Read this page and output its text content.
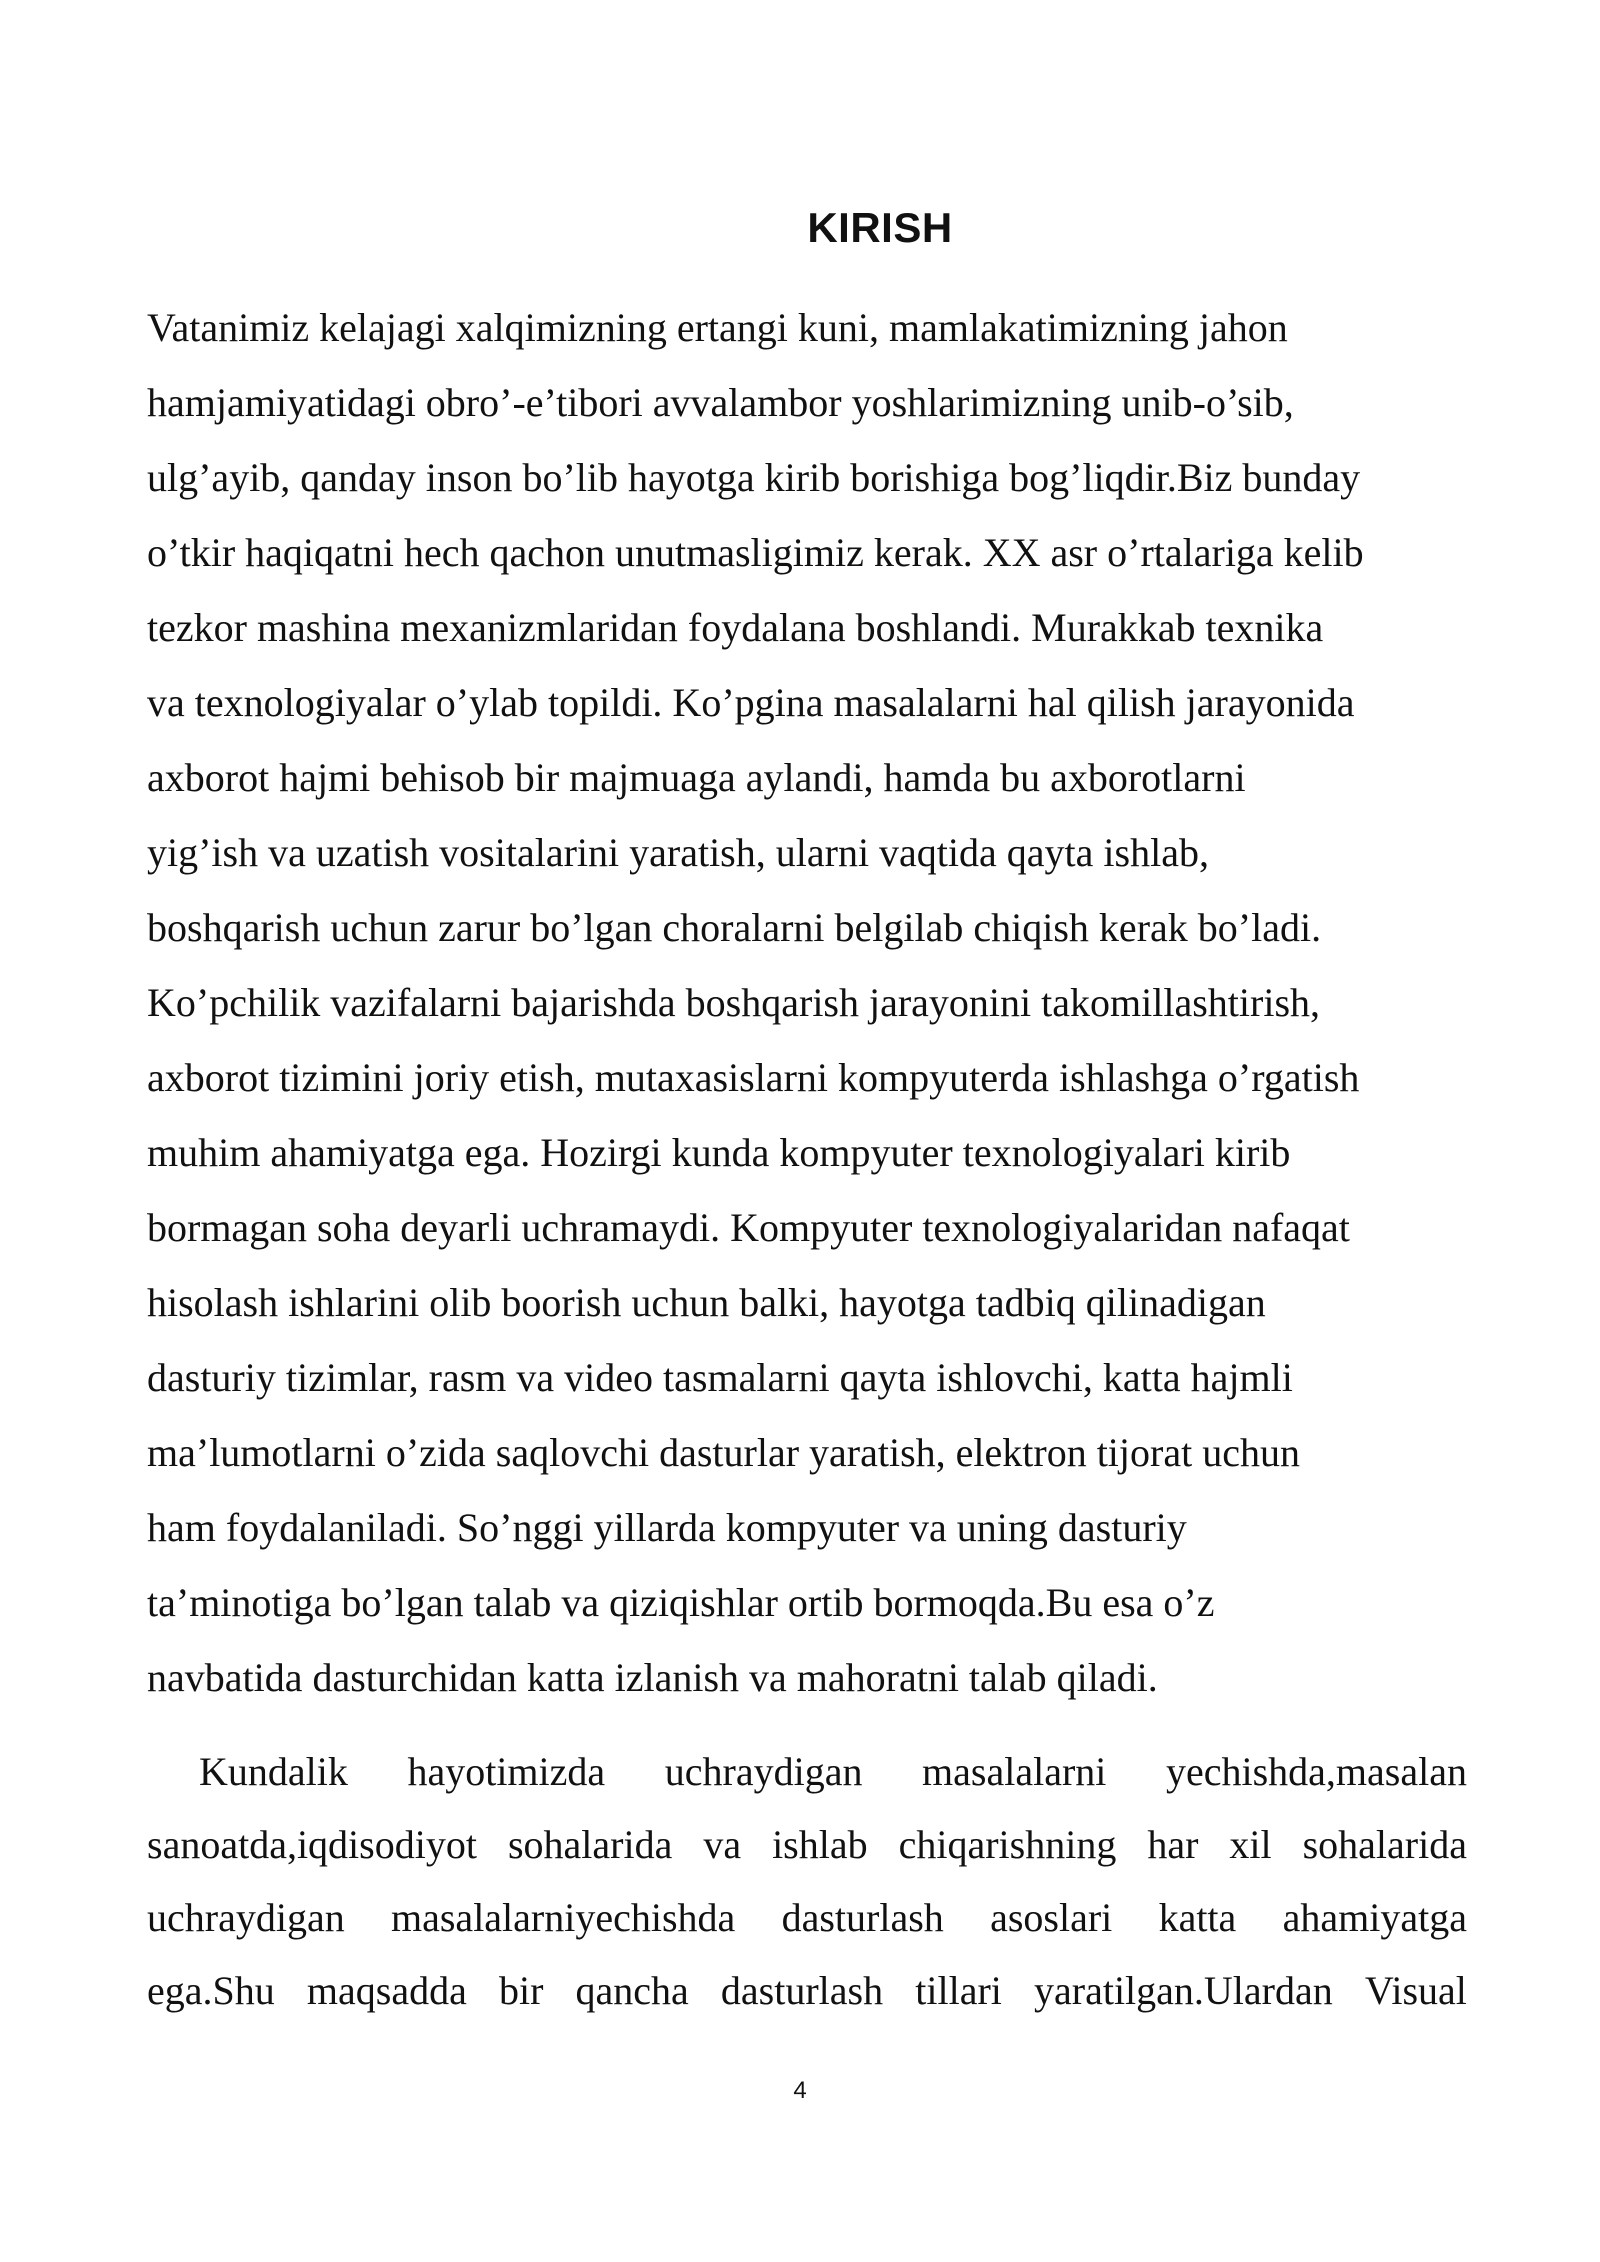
KIRISH
Vatanimiz kelajagi xalqimizning ertangi kuni, mamlakatimizning jahon
hamjamiyatidagi obro’-e’tibori avvalambor yoshlarimizning unib-o’sib,
ulg’ayib, qanday inson bo’lib hayotga kirib borishiga bog’liqdir.Biz bunday
o’tkir haqiqatni hech qachon unutmasligimiz kerak. XX asr o’rtalariga kelib
tezkor mashina mexanizmlaridan foydalana boshlandi. Murakkab texnika
va texnologiyalar o’ylab topildi. Ko’pgina masalalarni hal qilish jarayonida
axborot hajmi behisob bir majmuaga aylandi, hamda bu axborotlarni
yig’ish va uzatish vositalarini yaratish, ularni vaqtida qayta ishlab,
boshqarish uchun zarur bo’lgan choralarni belgilab chiqish kerak bo’ladi.
Ko’pchilik vazifalarni bajarishda boshqarish jarayonini takomillashtirish,
axborot tizimini joriy etish, mutaxasislarni kompyuterda ishlashga o’rgatish
muhim ahamiyatga ega. Hozirgi kunda kompyuter texnologiyalari kirib
bormagan soha deyarli uchramaydi. Kompyuter texnologiyalaridan nafaqat
hisolash ishlarini olib boorish uchun balki, hayotga tadbiq qilinadigan
dasturiy tizimlar, rasm va video tasmalarni qayta ishlovchi, katta hajmli
ma’lumotlarni o’zida saqlovchi dasturlar yaratish, elektron tijorat uchun
ham foydalaniladi. So’nggi yillarda kompyuter va uning dasturiy
ta’minotiga bo’lgan talab va qiziqishlar ortib bormoqda.Bu esa o’z
navbatida dasturchidan katta izlanish va mahoratni talab qiladi.
Kundalik hayotimizda uchraydigan masalalarni yechishda,masalan
sanoatda,iqdisodiyot sohalarida va ishlab chiqarishning har xil sohalarida
uchraydigan masalalarniyechishda dasturlash asoslari katta ahamiyatga
ega.Shu maqsadda bir qancha dasturlash tillari yaratilgan.Ulardan Visual
4
